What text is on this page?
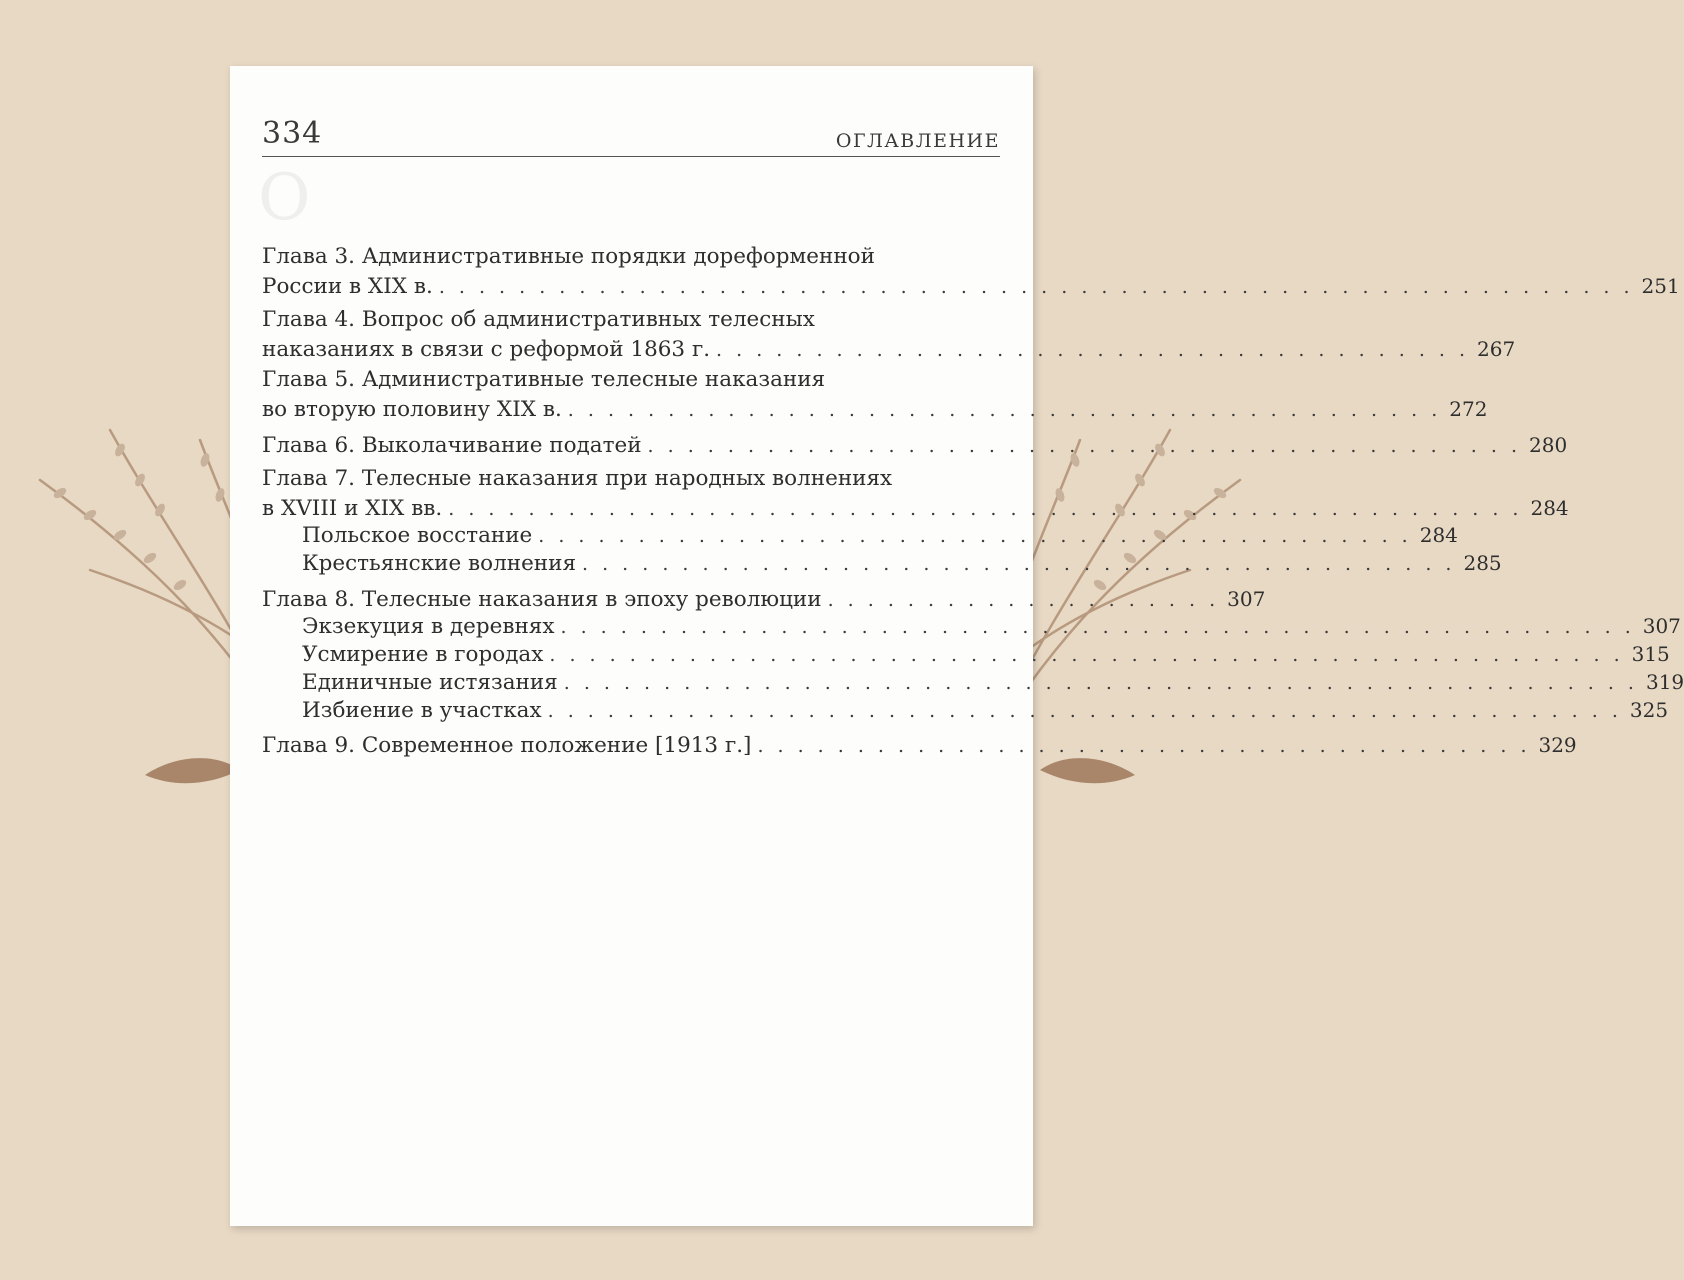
О
334	ОГЛАВЛЕНИЕ
Глава 3. Административные порядки дореформенной
России в XIX в. . . . . . . . . . . . . . . . . . . . . . . . . . . . . . . . . . . . . . . . . . . . . . . . . . . . . . . . . . . . . 251
Глава 4. Вопрос об административных телесных
наказаниях в связи с реформой 1863 г. . . . . . . . . . . . . . . . . . . . . . . . . . . . . . . . . . . . . . . 267
Глава 5. Административные телесные наказания
во вторую половину XIX в. . . . . . . . . . . . . . . . . . . . . . . . . . . . . . . . . . . . . . . . . . . . . 272
Глава 6. Выколачивание податей . . . . . . . . . . . . . . . . . . . . . . . . . . . . . . . . . . . . . . . . . . . . 280
Глава 7. Телесные наказания при народных волнениях
в XVIII и XIX вв. . . . . . . . . . . . . . . . . . . . . . . . . . . . . . . . . . . . . . . . . . . . . . . . . . . . . . . 284
Польское восстание . . . . . . . . . . . . . . . . . . . . . . . . . . . . . . . . . . . . . . . . . . . . 284
Крестьянские волнения . . . . . . . . . . . . . . . . . . . . . . . . . . . . . . . . . . . . . . . . . . . . 285
Глава 8. Телесные наказания в эпоху революции . . . . . . . . . . . . . . . . . . . . 307
Экзекуция в деревнях . . . . . . . . . . . . . . . . . . . . . . . . . . . . . . . . . . . . . . . . . . . . . . . . . . . . . . 307
Усмирение в городах . . . . . . . . . . . . . . . . . . . . . . . . . . . . . . . . . . . . . . . . . . . . . . . . . . . . . . 315
Единичные истязания . . . . . . . . . . . . . . . . . . . . . . . . . . . . . . . . . . . . . . . . . . . . . . . . . . . . . . 319
Избиение в участках . . . . . . . . . . . . . . . . . . . . . . . . . . . . . . . . . . . . . . . . . . . . . . . . . . . . . . 325
Глава 9. Современное положение [1913 г.] . . . . . . . . . . . . . . . . . . . . . . . . . . . . . . . . . . . . . . . 329
